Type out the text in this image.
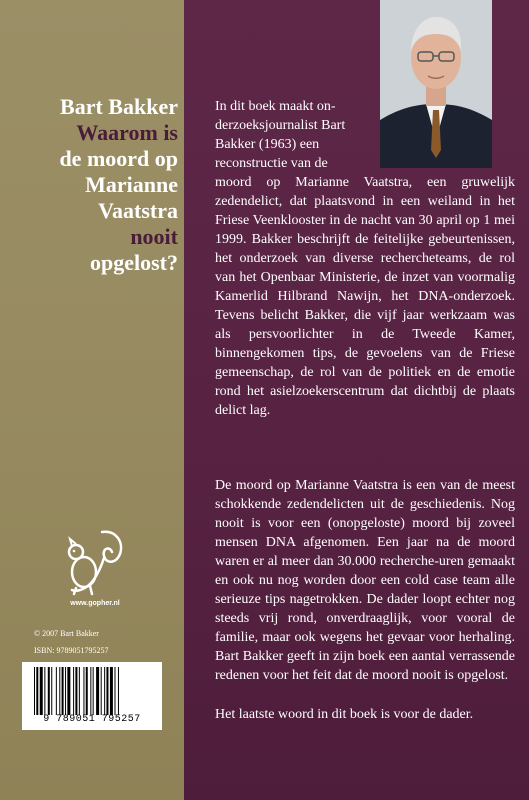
Bart Bakker
Waarom is
de moord op
Marianne
Vaatstra
nooit
opgelost?
www.gopher.nl
© 2007 Bart Bakker
ISBN: 9789051795257
9 789051 795257
In dit boek maakt on-
derzoeksjournalist Bart
Bakker (1963) een
reconstructie van de
moord op Marianne Vaatstra, een gruwelijk zedendelict, dat plaatsvond in een weiland in het Friese Veenklooster in de nacht van 30 april op 1 mei 1999. Bakker beschrijft de feitelijke gebeurtenissen, het onderzoek van diverse rechercheteams, de rol van het Openbaar Ministerie, de inzet van voormalig Kamerlid Hilbrand Nawijn, het DNA-onderzoek. Tevens belicht Bakker, die vijf jaar werkzaam was als persvoorlichter in de Tweede Kamer, binnengekomen tips, de gevoelens van de Friese gemeenschap, de rol van de politiek en de emotie rond het asielzoekerscentrum dat dichtbij de plaats delict lag.
De moord op Marianne Vaatstra is een van de meest schokkende zedendelicten uit de geschiedenis. Nog nooit is voor een (onopgeloste) moord bij zoveel mensen DNA afgenomen. Een jaar na de moord waren er al meer dan 30.000 recherche-uren gemaakt en ook nu nog worden door een cold case team alle serieuze tips nagetrokken. De dader loopt echter nog steeds vrij rond, onverdraaglijk, voor vooral de familie, maar ook wegens het gevaar voor herhaling. Bart Bakker geeft in zijn boek een aantal verrassende redenen voor het feit dat de moord nooit is opgelost.
Het laatste woord in dit boek is voor de dader.
